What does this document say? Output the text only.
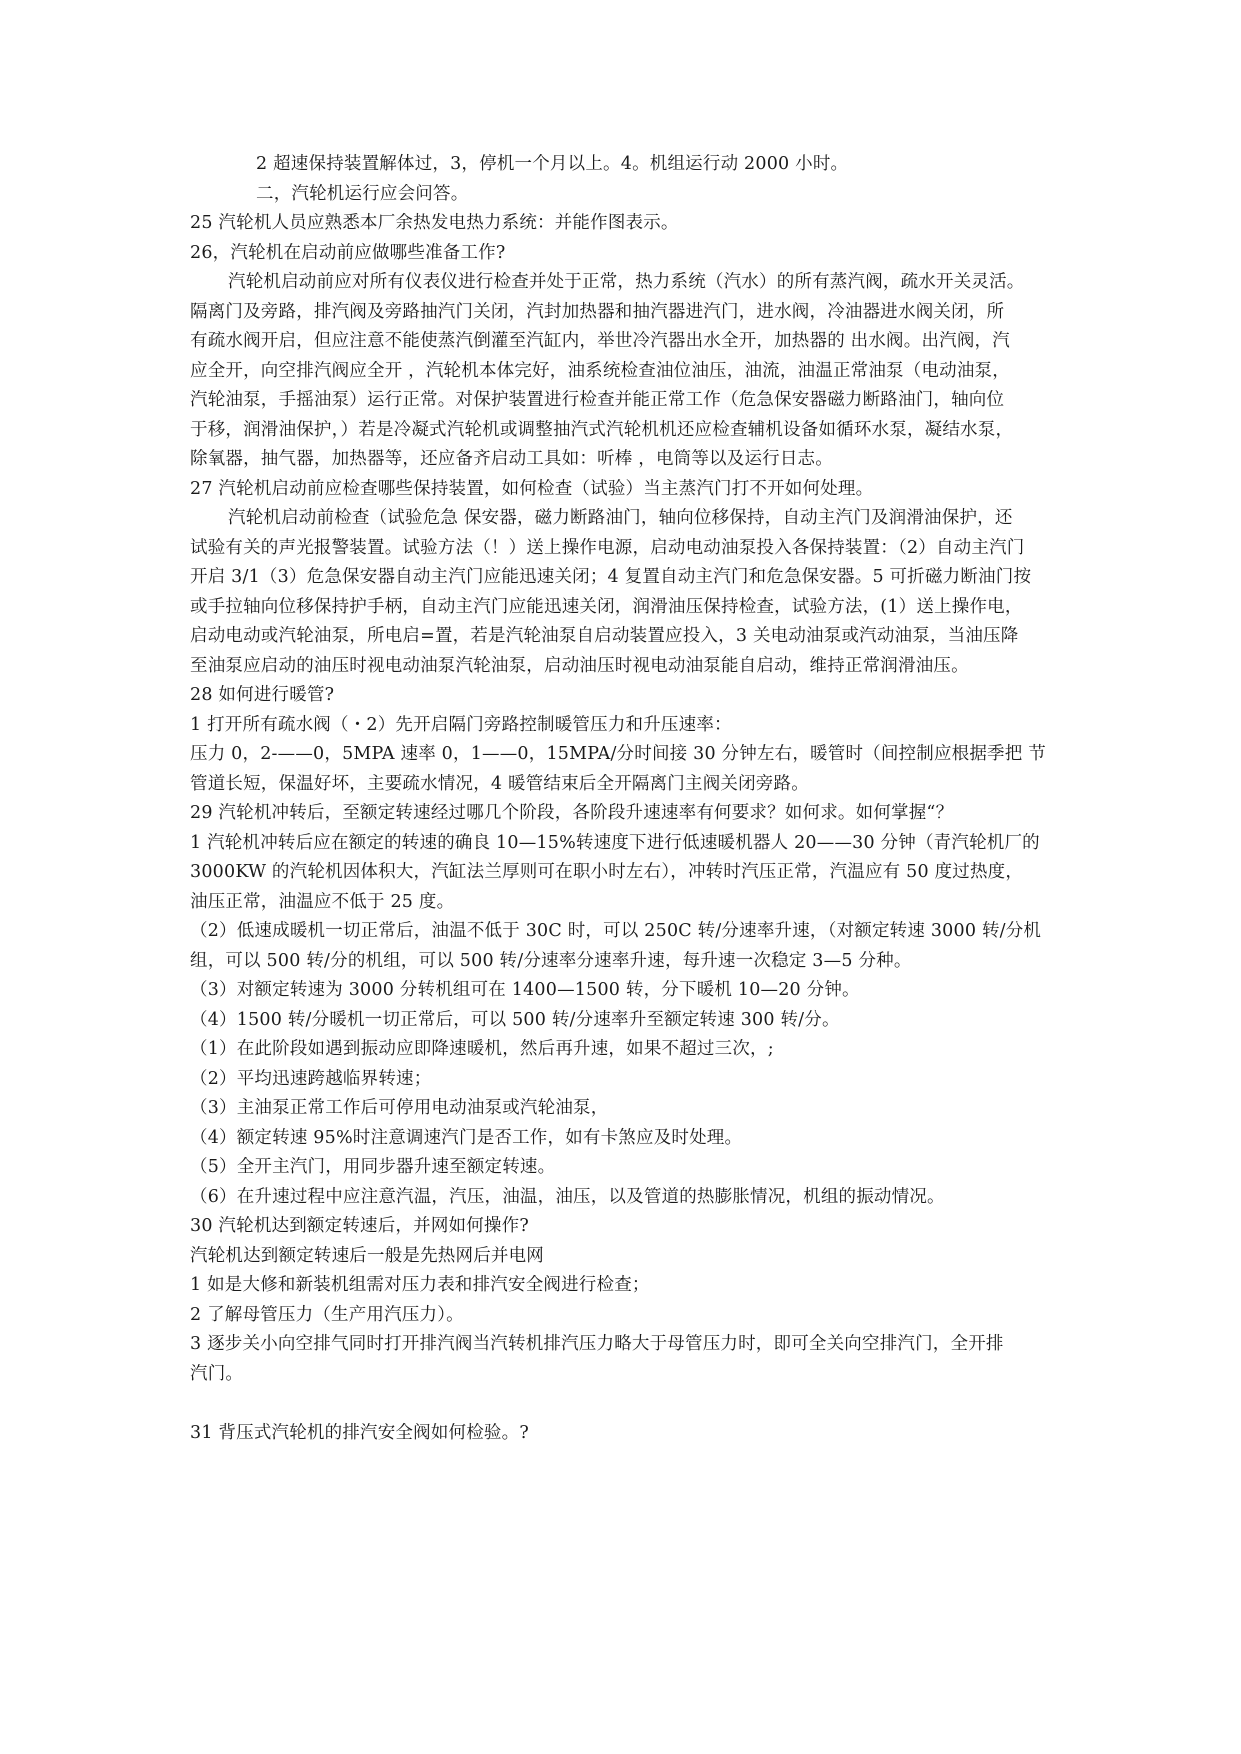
2 超速保持装置解体过，3，停机一个月以上。4。机组运行动 2000 小时。
二，汽轮机运行应会问答。
25 汽轮机人员应熟悉本厂余热发电热力系统：并能作图表示。
26，汽轮机在启动前应做哪些准备工作?
汽轮机启动前应对所有仪表仪进行检查并处于正常，热力系统（汽水）的所有蒸汽阀，疏水开关灵活。
隔离门及旁路，排汽阀及旁路抽汽门关闭，汽封加热器和抽汽器进汽门，进水阀，冷油器进水阀关闭，所
有疏水阀开启，但应注意不能使蒸汽倒灌至汽缸内，举世冷汽器出水全开，加热器的 出水阀。出汽阀，汽
应全开，向空排汽阀应全开 ，汽轮机本体完好，油系统检查油位油压，油流，油温正常油泵（电动油泵，
汽轮油泵，手摇油泵）运行正常。对保护装置进行检查并能正常工作（危急保安器磁力断路油门，轴向位
于移，润滑油保护，）若是冷凝式汽轮机或调整抽汽式汽轮机机还应检查辅机设备如循环水泵，凝结水泵，
除氧器，抽气器，加热器等，还应备齐启动工具如：听棒 ，电筒等以及运行日志。
27 汽轮机启动前应检查哪些保持装置，如何检查（试验）当主蒸汽门打不开如何处理。
汽轮机启动前检查（试验危急 保安器，磁力断路油门，轴向位移保持，自动主汽门及润滑油保护，还
试验有关的声光报警装置。试验方法（！）送上操作电源，启动电动油泵投入各保持装置：（2）自动主汽门
开启 3/1（3）危急保安器自动主汽门应能迅速关闭；4 复置自动主汽门和危急保安器。5 可折磁力断油门按
或手拉轴向位移保持护手柄，自动主汽门应能迅速关闭，润滑油压保持检查，试验方法，(1）送上操作电，
启动电动或汽轮油泵，所电启=置，若是汽轮油泵自启动装置应投入，3 关电动油泵或汽动油泵，当油压降
至油泵应启动的油压时视电动油泵汽轮油泵，启动油压时视电动油泵能自启动，维持正常润滑油压。
28 如何进行暖管?
1 打开所有疏水阀（・2）先开启隔门旁路控制暖管压力和升压速率：
压力 0，2-——0，5MPA 速率 0，1——0，15MPA/分时间接 30 分钟左右，暖管时（间控制应根据季把 节
管道长短，保温好坏，主要疏水情况，4 暖管结束后全开隔离门主阀关闭旁路。
29 汽轮机冲转后，至额定转速经过哪几个阶段，各阶段升速速率有何要求？如何求。如何掌握“？
1 汽轮机冲转后应在额定的转速的确良 10—15%转速度下进行低速暖机器人 20——30 分钟（青汽轮机厂的
3000KW 的汽轮机因体积大，汽缸法兰厚则可在职小时左右），冲转时汽压正常，汽温应有 50 度过热度，
油压正常，油温应不低于 25 度。
（2）低速成暖机一切正常后，油温不低于 30C 时，可以 250C 转/分速率升速，（对额定转速 3000 转/分机
组，可以 500 转/分的机组，可以 500 转/分速率分速率升速，每升速一次稳定 3—5 分种。
（3）对额定转速为 3000 分转机组可在 1400—1500 转，分下暖机 10—20 分钟。
（4）1500 转/分暖机一切正常后，可以 500 转/分速率升至额定转速 300 转/分。
（1）在此阶段如遇到振动应即降速暖机，然后再升速，如果不超过三次，;
（2）平均迅速跨越临界转速；
（3）主油泵正常工作后可停用电动油泵或汽轮油泵，
（4）额定转速 95%时注意调速汽门是否工作，如有卡煞应及时处理。
（5）全开主汽门，用同步器升速至额定转速。
（6）在升速过程中应注意汽温，汽压，油温，油压，以及管道的热膨胀情况，机组的振动情况。
30 汽轮机达到额定转速后，并网如何操作?
汽轮机达到额定转速后一般是先热网后并电网
1 如是大修和新装机组需对压力表和排汽安全阀进行检查；
2 了解母管压力（生产用汽压力）。
3 逐步关小向空排气同时打开排汽阀当汽转机排汽压力略大于母管压力时，即可全关向空排汽门，全开排
汽门。
31 背压式汽轮机的排汽安全阀如何检验。?
